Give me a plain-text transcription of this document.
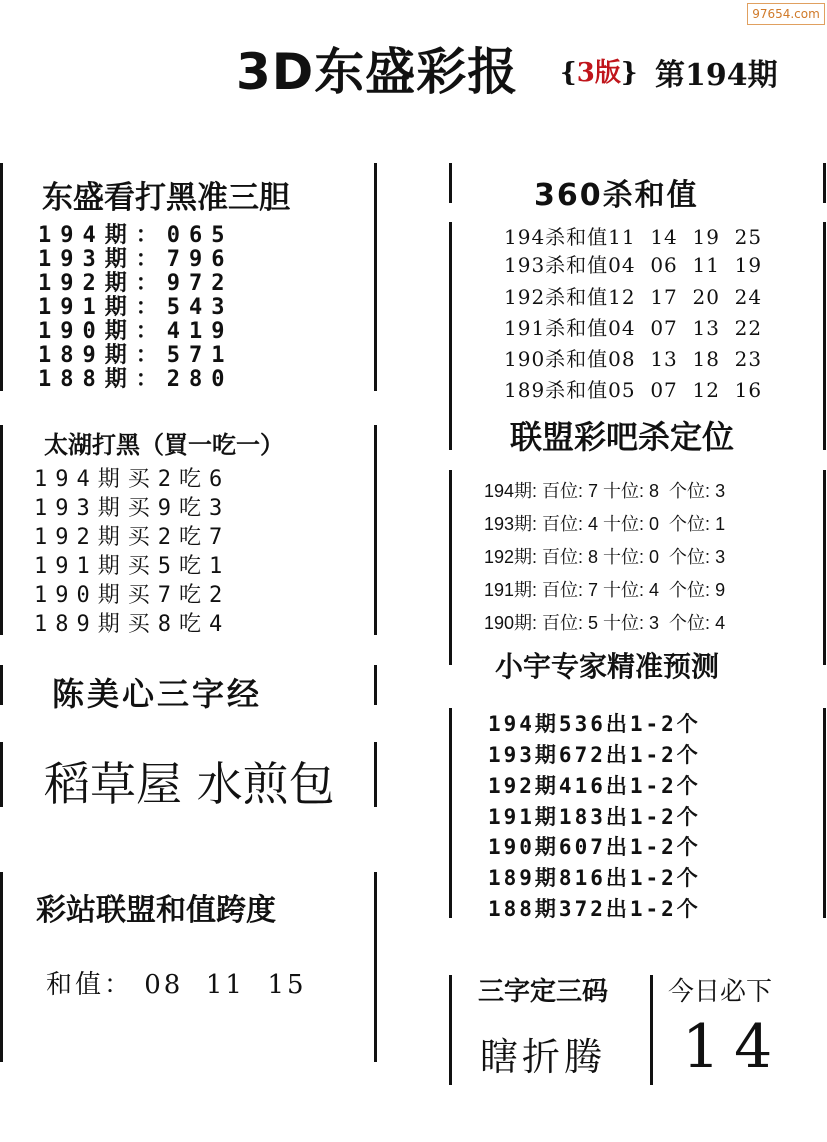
97654.com
3D东盛彩报 {3版} 第194期
东盛看打黑准三胆
194期：065
193期：796
192期：972
191期：543
190期：419
189期：571
188期：280
太湖打黑（買一吃一）
194期买2吃6
193期买9吃3
192期买2吃7
191期买5吃1
190期买7吃2
189期买8吃4
陈美心三字经
稻草屋 水煎包
彩站联盟和值跨度
和值： 08  11  15
360杀和值
194杀和值11  14  19  25
193杀和值04  06  11  19
192杀和值12  17  20  24
191杀和值04  07  13  22
190杀和值08  13  18  23
189杀和值05  07  12  16
联盟彩吧杀定位
194期: 百位: 7 十位: 8  个位: 3
193期: 百位: 4 十位: 0  个位: 1
192期: 百位: 8 十位: 0  个位: 3
191期: 百位: 7 十位: 4  个位: 9
190期: 百位: 5 十位: 3  个位: 4
小宇专家精准预测
194期536出1-2个
193期672出1-2个
192期416出1-2个
191期183出1-2个
190期607出1-2个
189期816出1-2个
188期372出1-2个
三字定三码
瞎折腾
今日必下
14
